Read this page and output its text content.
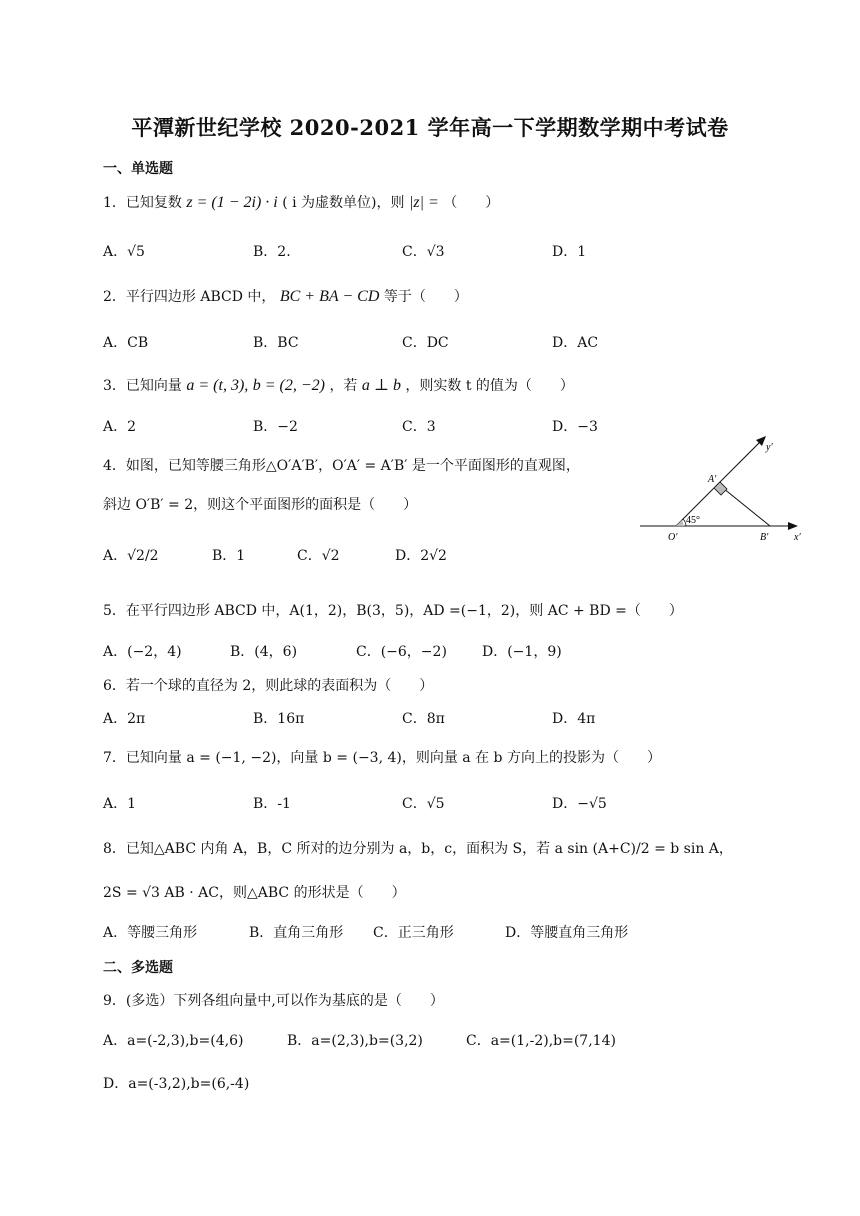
平潭新世纪学校 2020-2021 学年高一下学期数学期中考试卷
一、单选题
1．已知复数 z = (1 − 2i) · i ( i 为虚数单位)，则 |z| = （　　）
A．√5	B．2.	C．√3	D．1
2．平行四边形 ABCD 中， BC + BA − CD 等于（　　）
A．CB	B．BC	C．DC	D．AC
3．已知向量 a = (t, 3), b = (2, −2) ，若 a ⊥ b ，则实数 t 的值为（　　）
A．2	B．−2	C．3	D．−3
4．如图，已知等腰三角形△O′A′B′，O′A′ = A′B′ 是一个平面图形的直观图，
斜边 O′B′ = 2，则这个平面图形的面积是（　　）
A．√2/2	B．1	C．√2	D．2√2
y′
x′
A′
O′	B′
45°
5．在平行四边形 ABCD 中，A(1，2)，B(3，5)，AD =(−1，2)，则 AC + BD =（　　）
A．(−2，4)	B．(4，6)	C．(−6，−2)	D．(−1，9)
6．若一个球的直径为 2，则此球的表面积为（　　）
A．2π	B．16π	C．8π	D．4π
7．已知向量 a = (−1, −2)，向量 b = (−3, 4)，则向量 a 在 b 方向上的投影为（　　）
A．1	B．-1	C．√5	D．−√5
8．已知△ABC 内角 A，B，C 所对的边分别为 a，b，c，面积为 S，若 a sin (A+C)/2 = b sin A，
2S = √3 AB · AC，则△ABC 的形状是（　　）
A．等腰三角形	B．直角三角形 C．正三角形	D．等腰直角三角形
二、多选题
9．(多选）下列各组向量中,可以作为基底的是（　　）
A．a=(-2,3),b=(4,6)	B．a=(2,3),b=(3,2)	C．a=(1,-2),b=(7,14)
D．a=(-3,2),b=(6,-4)
